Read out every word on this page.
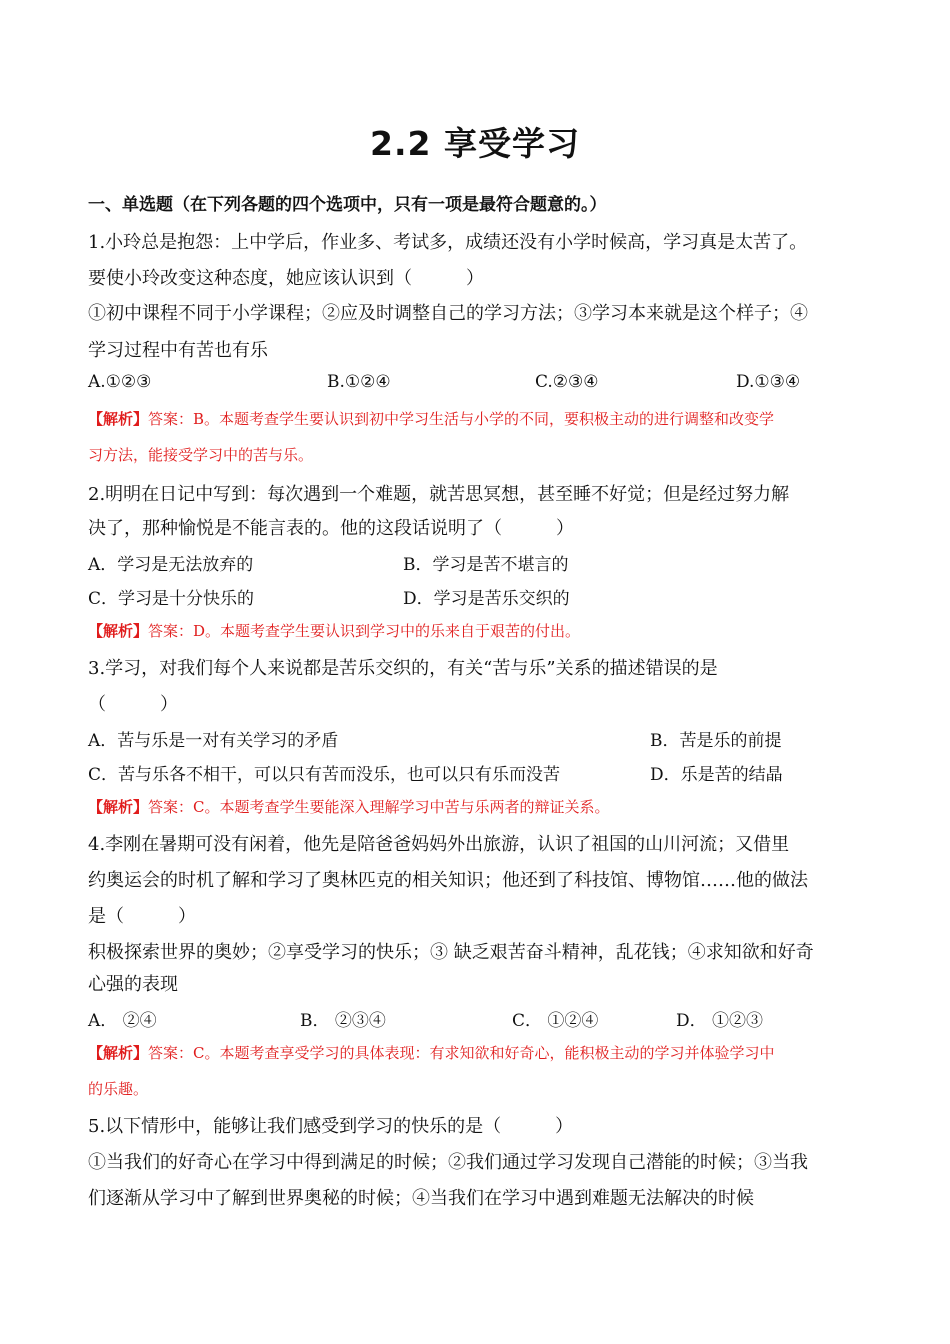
2.2 享受学习
一、单选题（在下列各题的四个选项中，只有一项是最符合题意的。）
1.小玲总是抱怨：上中学后，作业多、考试多，成绩还没有小学时候高，学习真是太苦了。
要使小玲改变这种态度，她应该认识到（　　　）
①初中课程不同于小学课程；②应及时调整自己的学习方法；③学习本来就是这个样子；④
学习过程中有苦也有乐
A.①②③	B.①②④	C.②③④	D.①③④
【解析】答案：B。本题考查学生要认识到初中学习生活与小学的不同，要积极主动的进行调整和改变学
习方法，能接受学习中的苦与乐。
2.明明在日记中写到：每次遇到一个难题，就苦思冥想，甚至睡不好觉；但是经过努力解
决了，那种愉悦是不能言表的。他的这段话说明了（　　　）
A．学习是无法放弃的	B．学习是苦不堪言的
C．学习是十分快乐的	D．学习是苦乐交织的
【解析】答案：D。本题考查学生要认识到学习中的乐来自于艰苦的付出。
3.学习，对我们每个人来说都是苦乐交织的，有关“苦与乐”关系的描述错误的是
（　　　）
A．苦与乐是一对有关学习的矛盾	B．苦是乐的前提
C．苦与乐各不相干，可以只有苦而没乐，也可以只有乐而没苦	D．乐是苦的结晶
【解析】答案：C。本题考查学生要能深入理解学习中苦与乐两者的辩证关系。
4.李刚在暑期可没有闲着，他先是陪爸爸妈妈外出旅游，认识了祖国的山川河流；又借里
约奥运会的时机了解和学习了奥林匹克的相关知识；他还到了科技馆、博物馆……他的做法
是（　　　）
积极探索世界的奥妙；②享受学习的快乐；③ 缺乏艰苦奋斗精神，乱花钱；④求知欲和好奇
心强的表现
A． ②④	B． ②③④	C． ①②④	D． ①②③
【解析】答案：C。本题考查享受学习的具体表现：有求知欲和好奇心，能积极主动的学习并体验学习中
的乐趣。
5.以下情形中，能够让我们感受到学习的快乐的是（　　　）
①当我们的好奇心在学习中得到满足的时候；②我们通过学习发现自己潜能的时候；③当我
们逐渐从学习中了解到世界奥秘的时候；④当我们在学习中遇到难题无法解决的时候
